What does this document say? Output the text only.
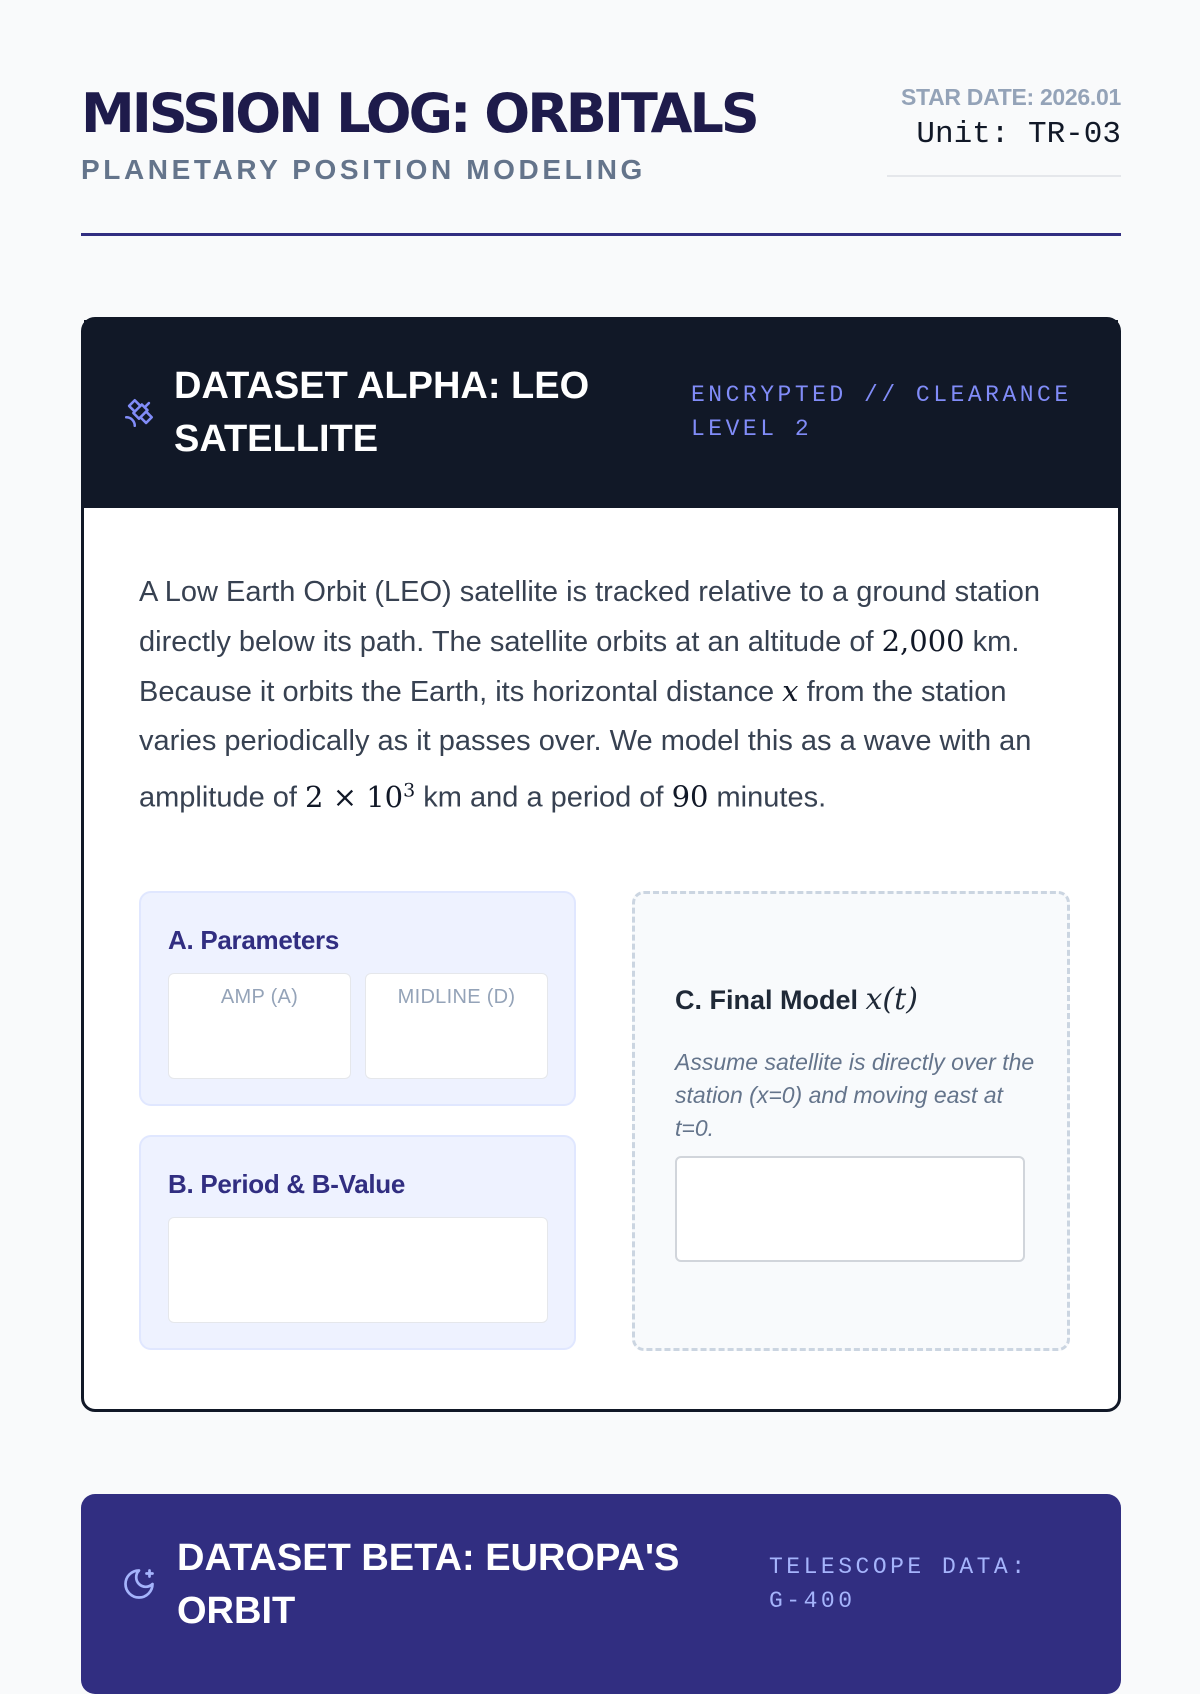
MISSION LOG: ORBITALS
PLANETARY POSITION MODELING
STAR DATE: 2026.01
Unit: TR-03
DATASET ALPHA: LEO SATELLITE
ENCRYPTED // CLEARANCE LEVEL 2

A Low Earth Orbit (LEO) satellite is tracked relative to a ground station directly below its path. The satellite orbits at an altitude of 2,000 km. Because it orbits the Earth, its horizontal distance x from the station varies periodically as it passes over. We model this as a wave with an amplitude of $2 \times 10^3$ km and a period of 90 minutes.

A. Parameters
AMP (A)	MIDLINE (D)
B. Period & B-Value
C. Final Model x(t)

Assume satellite is directly over the station (x=0) and moving east at t=0.

DATASET BETA: EUROPA'S ORBIT
TELESCOPE DATA: G-400
